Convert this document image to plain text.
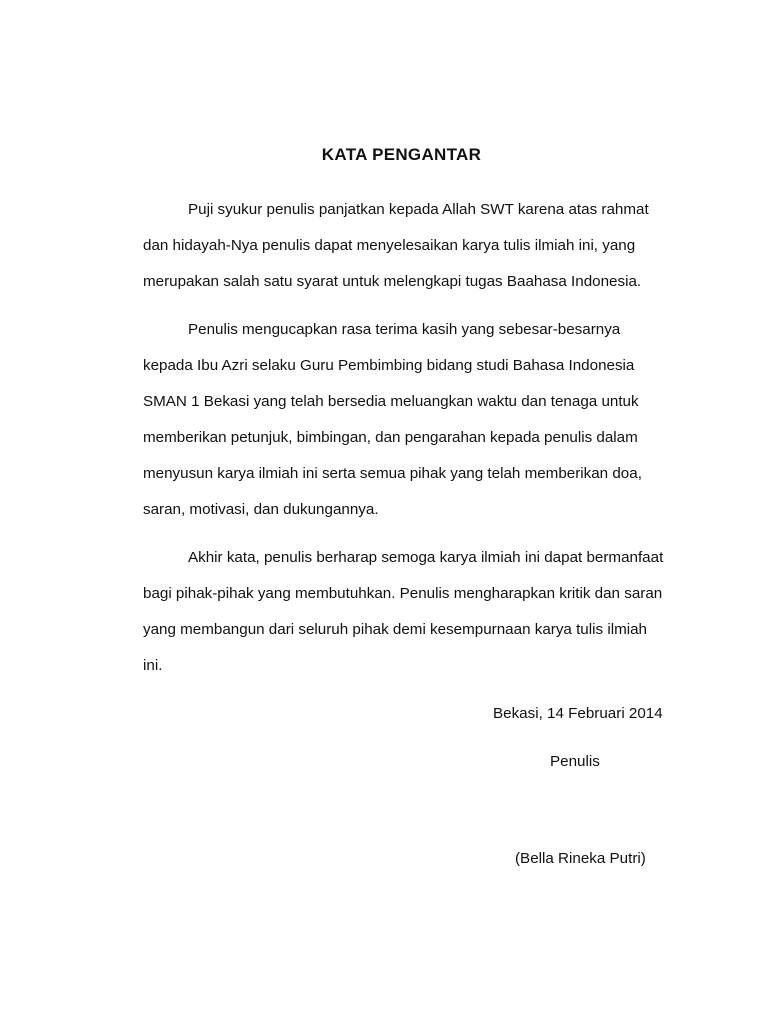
KATA PENGANTAR
Puji syukur penulis panjatkan kepada Allah SWT karena atas rahmat
dan hidayah-Nya penulis dapat menyelesaikan karya tulis ilmiah ini, yang
merupakan salah satu syarat untuk melengkapi tugas Baahasa Indonesia.
Penulis mengucapkan rasa terima kasih yang sebesar-besarnya
kepada Ibu Azri selaku Guru Pembimbing bidang studi Bahasa Indonesia
SMAN 1 Bekasi yang telah bersedia meluangkan waktu dan tenaga untuk
memberikan petunjuk, bimbingan, dan pengarahan kepada penulis dalam
menyusun karya ilmiah ini serta semua pihak yang telah memberikan doa,
saran, motivasi, dan dukungannya.
Akhir kata, penulis berharap semoga karya ilmiah ini dapat bermanfaat
bagi pihak-pihak yang membutuhkan. Penulis mengharapkan kritik dan saran
yang membangun dari seluruh pihak demi kesempurnaan karya tulis ilmiah
ini.
Bekasi, 14 Februari 2014
Penulis
(Bella Rineka Putri)
